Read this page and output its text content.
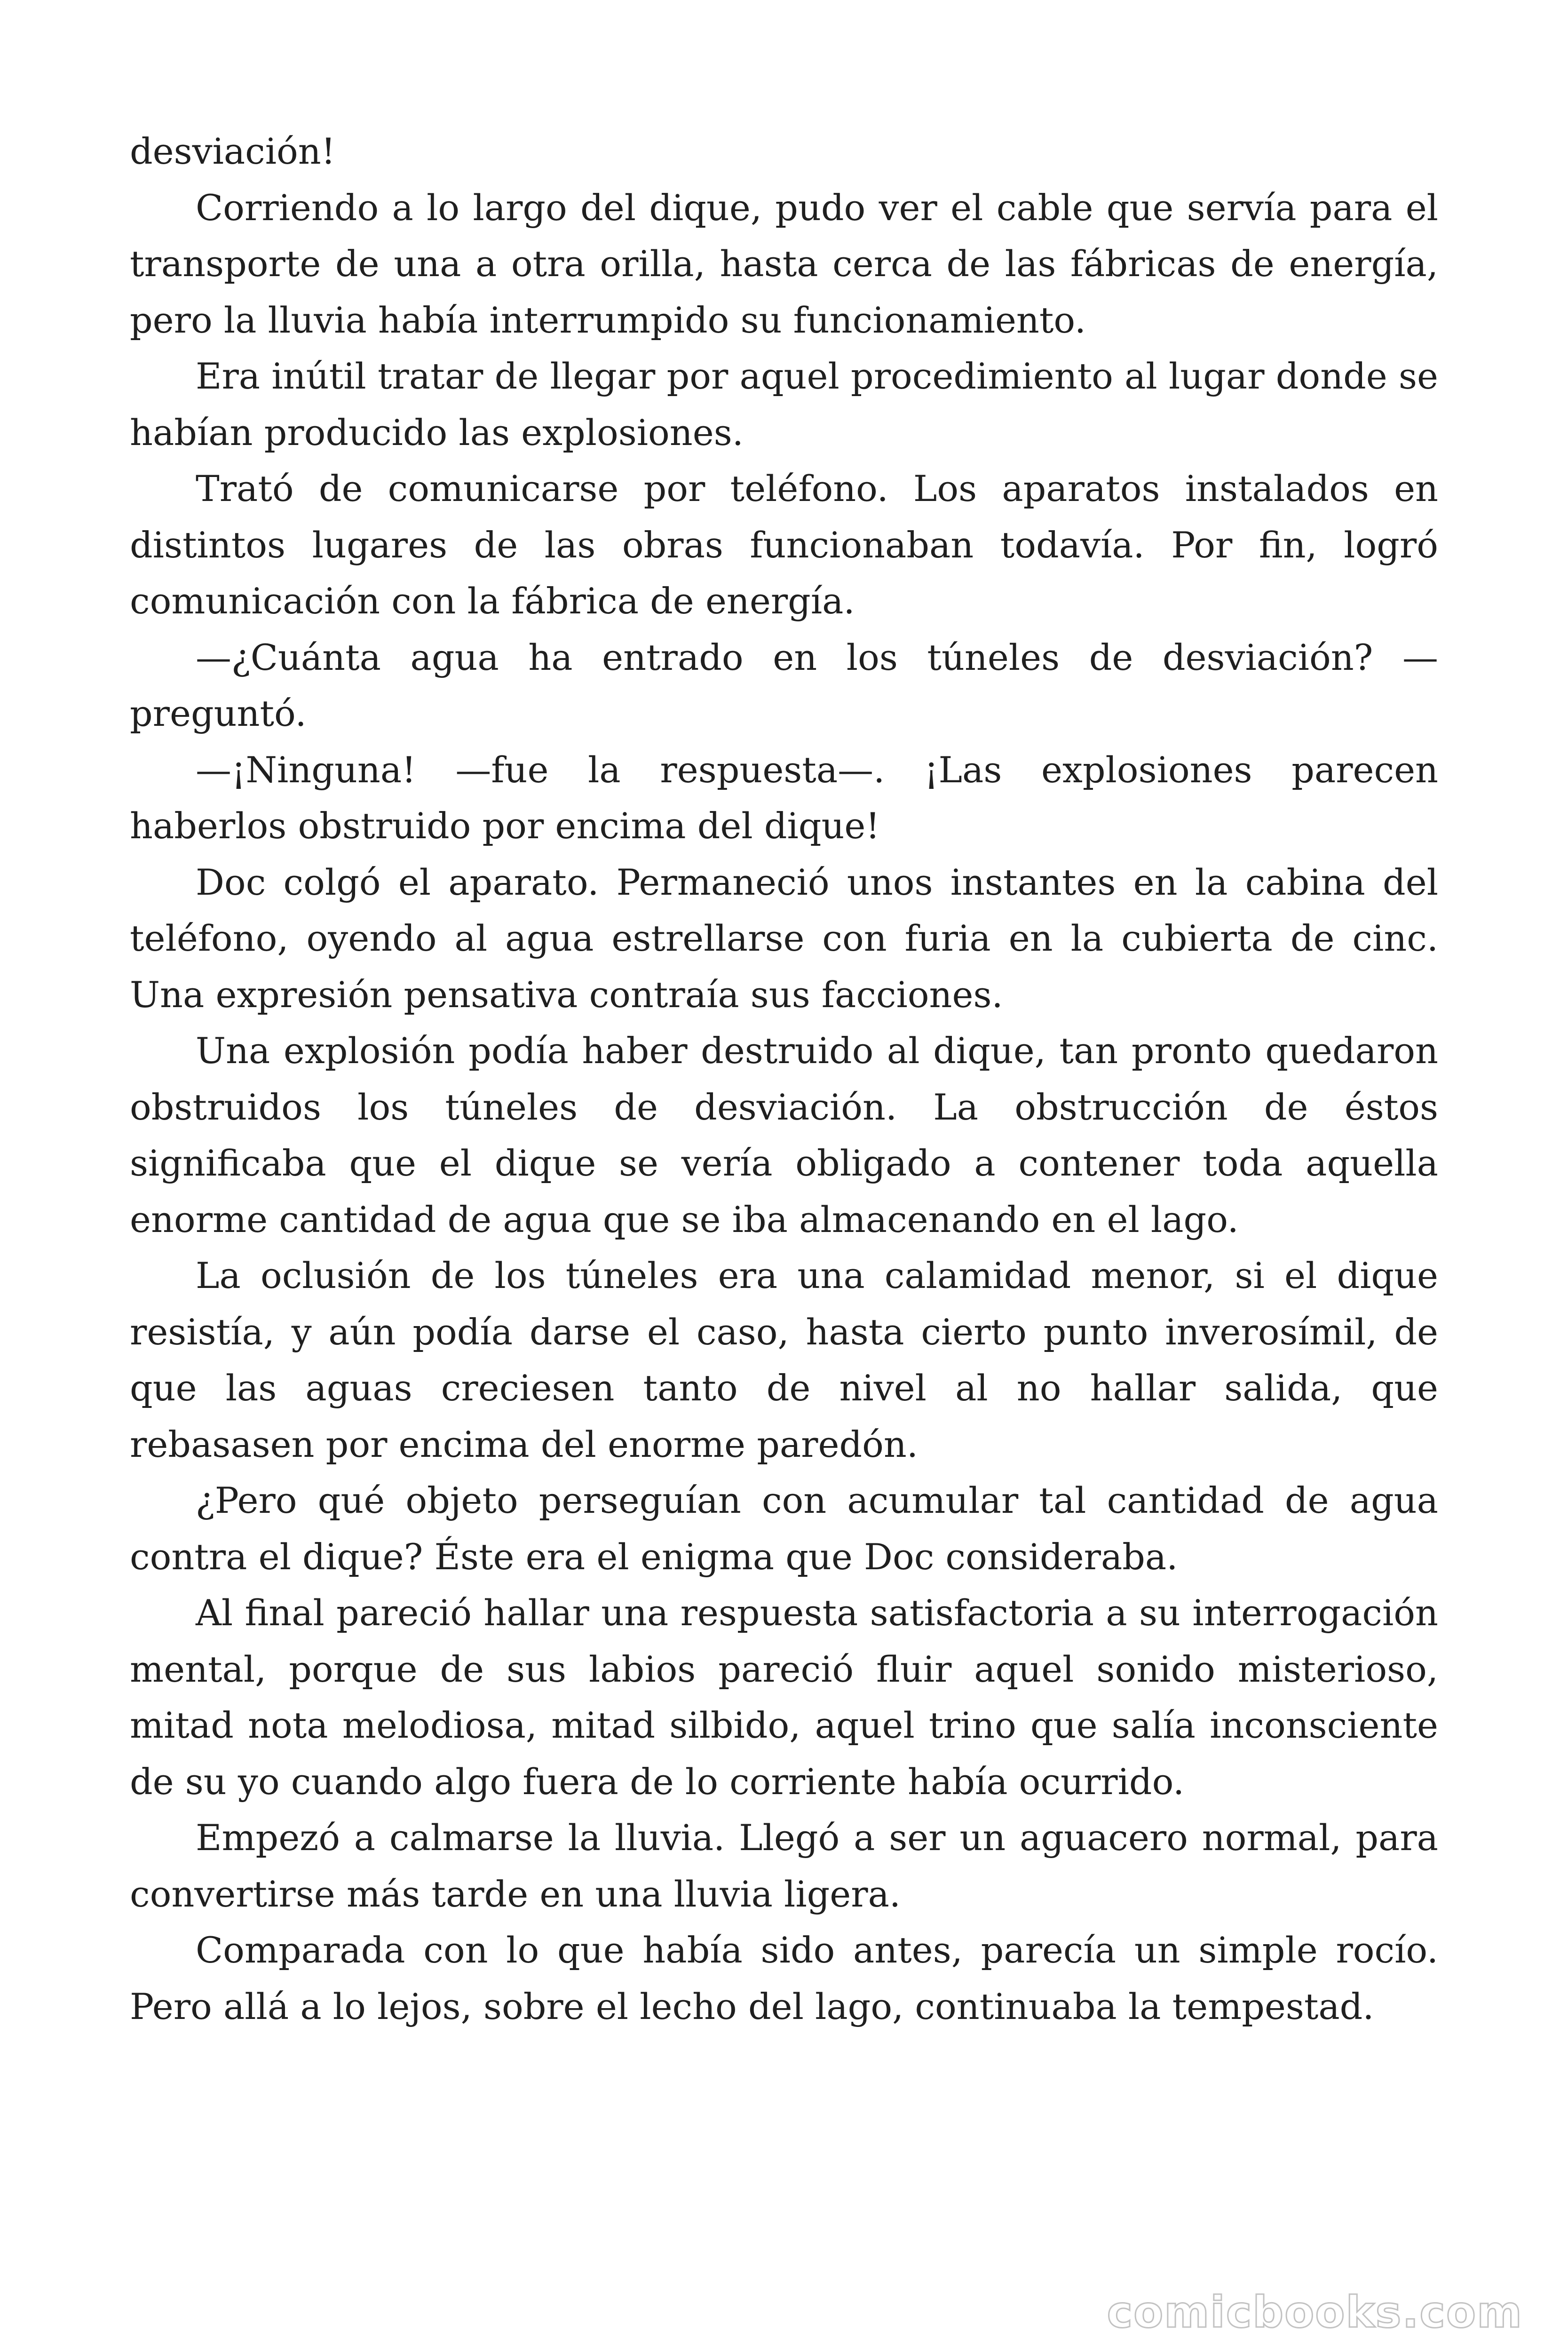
desviación!

Corriendo a lo largo del dique, pudo ver el cable que servía para el transporte de una a otra orilla, hasta cerca de las fábricas de energía, pero la lluvia había interrumpido su funcionamiento.

Era inútil tratar de llegar por aquel procedimiento al lugar donde se habían producido las explosiones.

Trató de comunicarse por teléfono. Los aparatos instalados en distintos lugares de las obras funcionaban todavía. Por fin, logró comunicación con la fábrica de energía.

—¿Cuánta agua ha entrado en los túneles de desviación? —preguntó.

—¡Ninguna! —fue la respuesta—. ¡Las explosiones parecen haberlos obstruido por encima del dique!

Doc colgó el aparato. Permaneció unos instantes en la cabina del teléfono, oyendo al agua estrellarse con furia en la cubierta de cinc. Una expresión pensativa contraía sus facciones.

Una explosión podía haber destruido al dique, tan pronto quedaron obstruidos los túneles de desviación. La obstrucción de éstos significaba que el dique se vería obligado a contener toda aquella enorme cantidad de agua que se iba almacenando en el lago.

La oclusión de los túneles era una calamidad menor, si el dique resistía, y aún podía darse el caso, hasta cierto punto inverosímil, de que las aguas creciesen tanto de nivel al no hallar salida, que rebasasen por encima del enorme paredón.

¿Pero qué objeto perseguían con acumular tal cantidad de agua contra el dique? Éste era el enigma que Doc consideraba.

Al final pareció hallar una respuesta satisfactoria a su interrogación mental, porque de sus labios pareció fluir aquel sonido misterioso, mitad nota melodiosa, mitad silbido, aquel trino que salía inconsciente de su yo cuando algo fuera de lo corriente había ocurrido.

Empezó a calmarse la lluvia. Llegó a ser un aguacero normal, para convertirse más tarde en una lluvia ligera.

Comparada con lo que había sido antes, parecía un simple rocío. Pero allá a lo lejos, sobre el lecho del lago, continuaba la tempestad.

comicbooks.com
